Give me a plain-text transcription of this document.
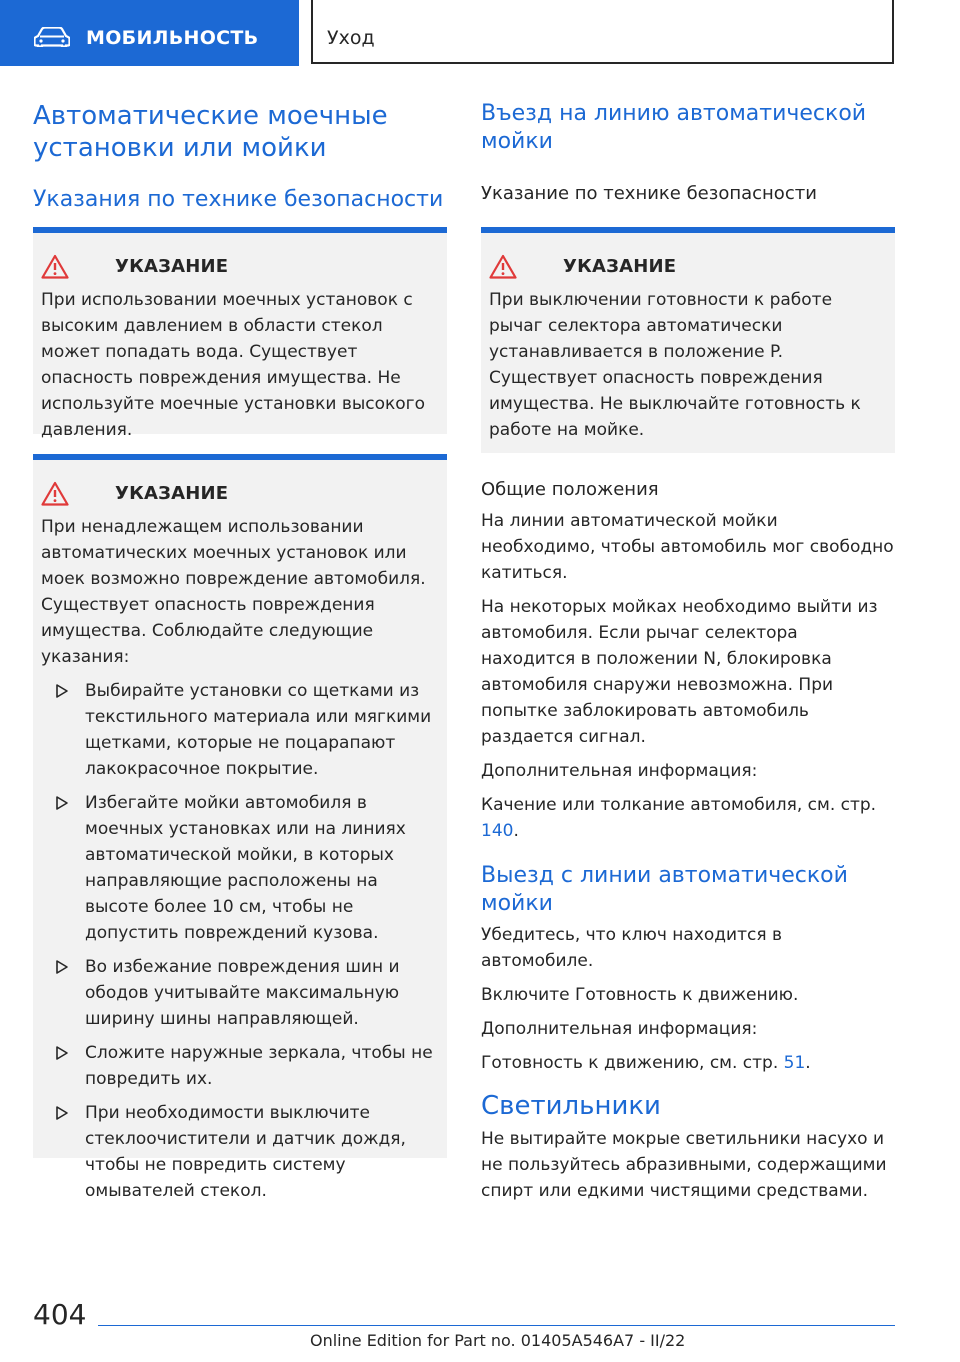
МОБИЛЬНОСТЬ	Уход
Автоматические моечные
установки или мойки
Указания по технике безопасности
УКАЗАНИЕ

При использовании моечных установок с высоким давлением в области стекол может попадать вода. Существует опасность повреждения имущества. Не используйте моечные установки высокого давления.

УКАЗАНИЕ

При ненадлежащем использовании автоматических моечных установок или моек возможно повреждение автомобиля. Существует опасность повреждения имущества. Соблюдайте следующие указания:

Выбирайте установки со щетками из текстильного материала или мягкими щетками, которые не поцарапают лакокрасочное покрытие.
Избегайте мойки автомобиля в моечных установках или на линиях автоматической мойки, в которых направляющие расположены на высоте более 10 см, чтобы не допустить повреждений кузова.
Во избежание повреждения шин и ободов учитывайте максимальную ширину шины направляющей.
Сложите наружные зеркала, чтобы не повредить их.
При необходимости выключите стеклоочистители и датчик дождя, чтобы не повредить систему омывателей стекол.
Въезд на линию автоматической
мойки
Указание по технике безопасности
УКАЗАНИЕ

При выключении готовности к работе рычаг селектора автоматически устанавливается в положение P. Существует опасность повреждения имущества. Не выключайте готовность к работе на мойке.

Общие положения

На линии автоматической мойки необходимо, чтобы автомобиль мог свободно катиться.

На некоторых мойках необходимо выйти из автомобиля. Если рычаг селектора находится в положении N, блокировка автомобиля снаружи невозможна. При попытке заблокировать автомобиль раздается сигнал.

Дополнительная информация:

Качение или толкание автомобиля, см. стр. 140.

Выезд с линии автоматической
мойки

Убедитесь, что ключ находится в автомобиле.

Включите Готовность к движению.

Дополнительная информация:

Готовность к движению, см. стр. 51.

Светильники

Не вытирайте мокрые светильники насухо и не пользуйтесь абразивными, содержащими спирт или едкими чистящими средствами.

404
Online Edition for Part no. 01405A546A7 - II/22
